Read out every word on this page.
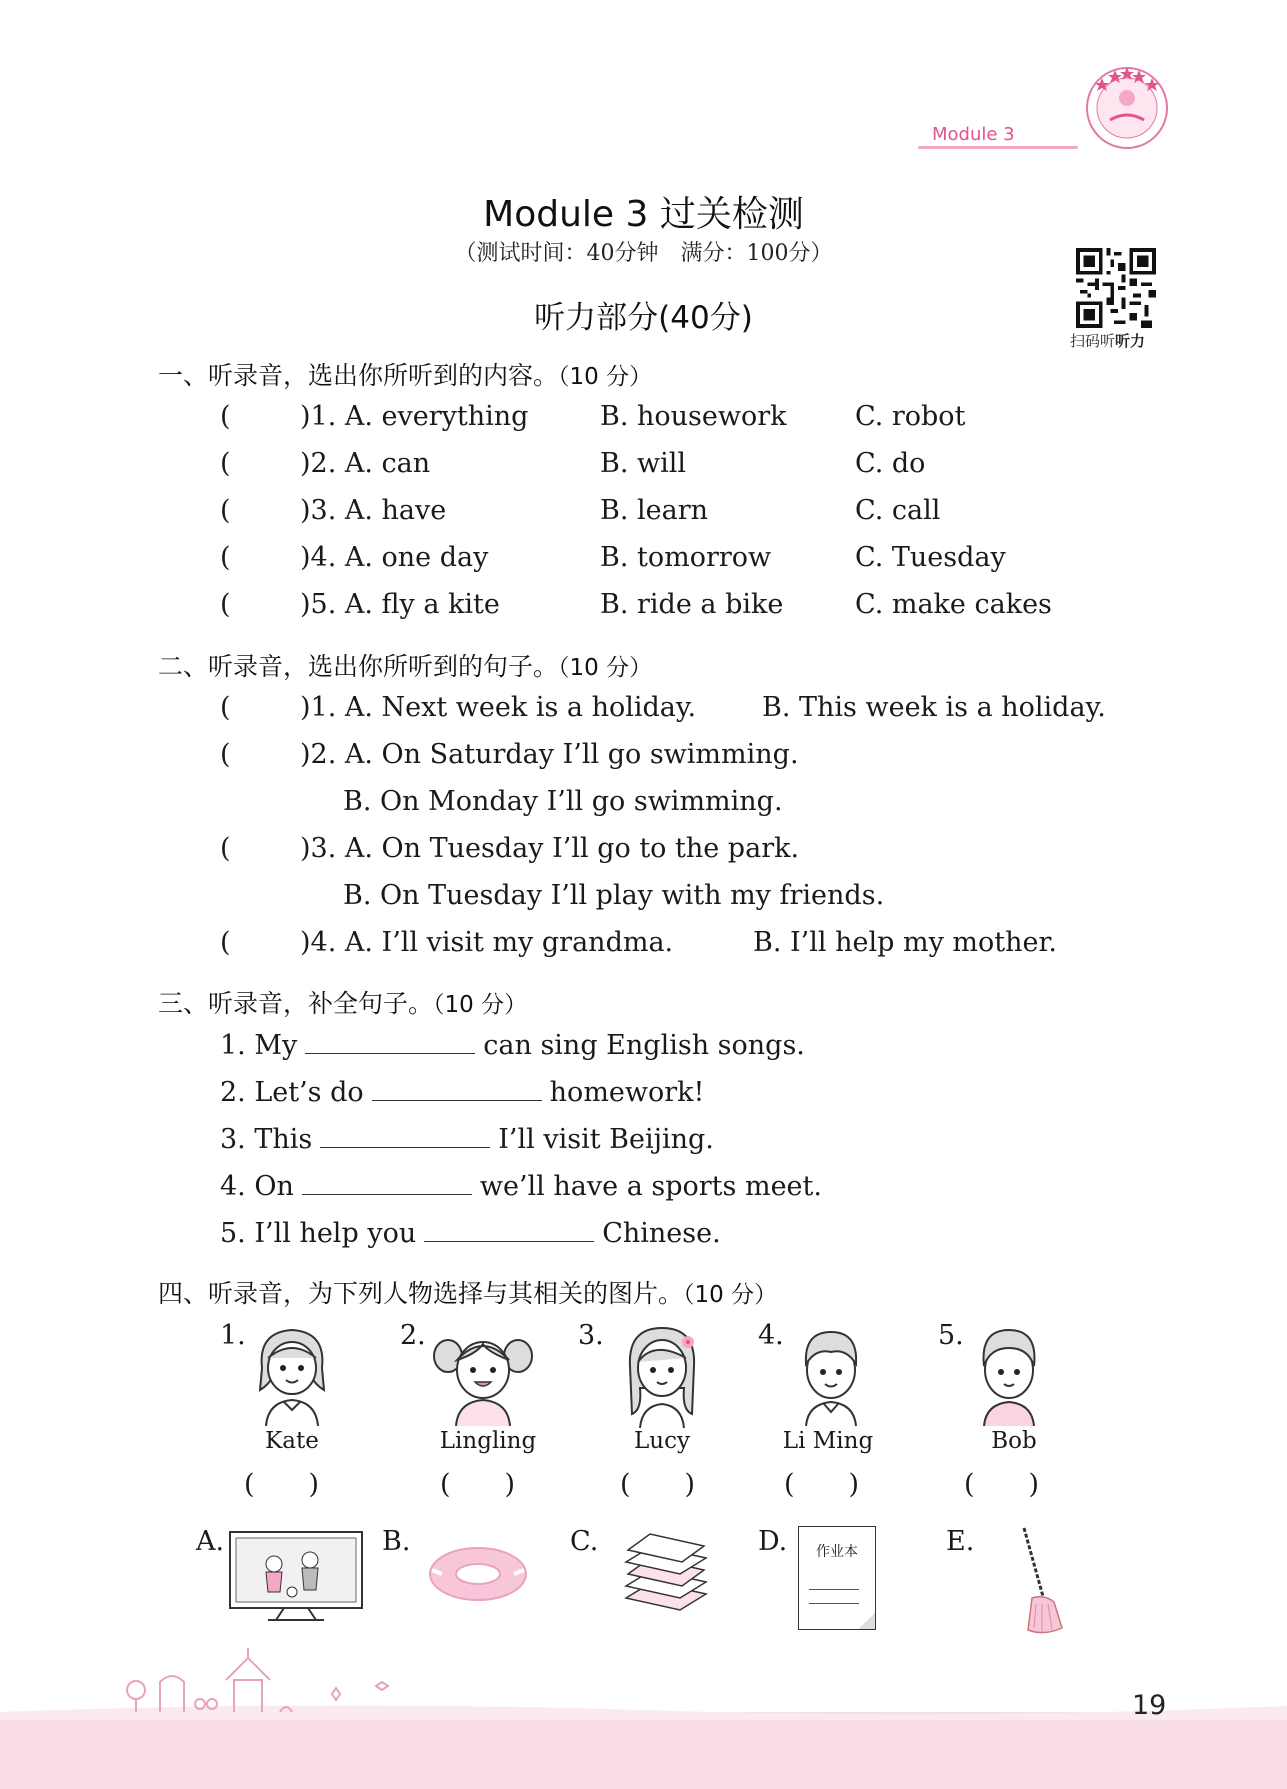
Module 3
Module 3 过关检测
（测试时间：40分钟　满分：100分）
听力部分(40分)
扫码听听力
一、听录音，选出你所听到的内容。（10 分）
(	)1. A. everything	B. housework	C. robot
(	)2. A. can	B. will	C. do
(	)3. A. have	B. learn	C. call
(	)4. A. one day	B. tomorrow	C. Tuesday
(	)5. A. fly a kite	B. ride a bike	C. make cakes
二、听录音，选出你所听到的句子。（10 分）
(	)1. A. Next week is a holiday. B. This week is a holiday.
(	)2. A. On Saturday I’ll go swimming.
B. On Monday I’ll go swimming.
(	)3. A. On Tuesday I’ll go to the park.
B. On Tuesday I’ll play with my friends.
(	)4. A. I’ll visit my grandma.	B. I’ll help my mother.
三、听录音，补全句子。（10 分）
1. My	can sing English songs.
2. Let’s do	homework!
3. This	I’ll visit Beijing.
4. On	we’ll have a sports meet.
5. I’ll help you	Chinese.
四、听录音，为下列人物选择与其相关的图片。（10 分）
1.
Kate
(　　)
2.
Lingling
(　　)
3.
Lucy
(　　)
4.
Li Ming
(　　)
5.
Bob
(　　)
A.	B.	C.	D.	作业本	E.
19
